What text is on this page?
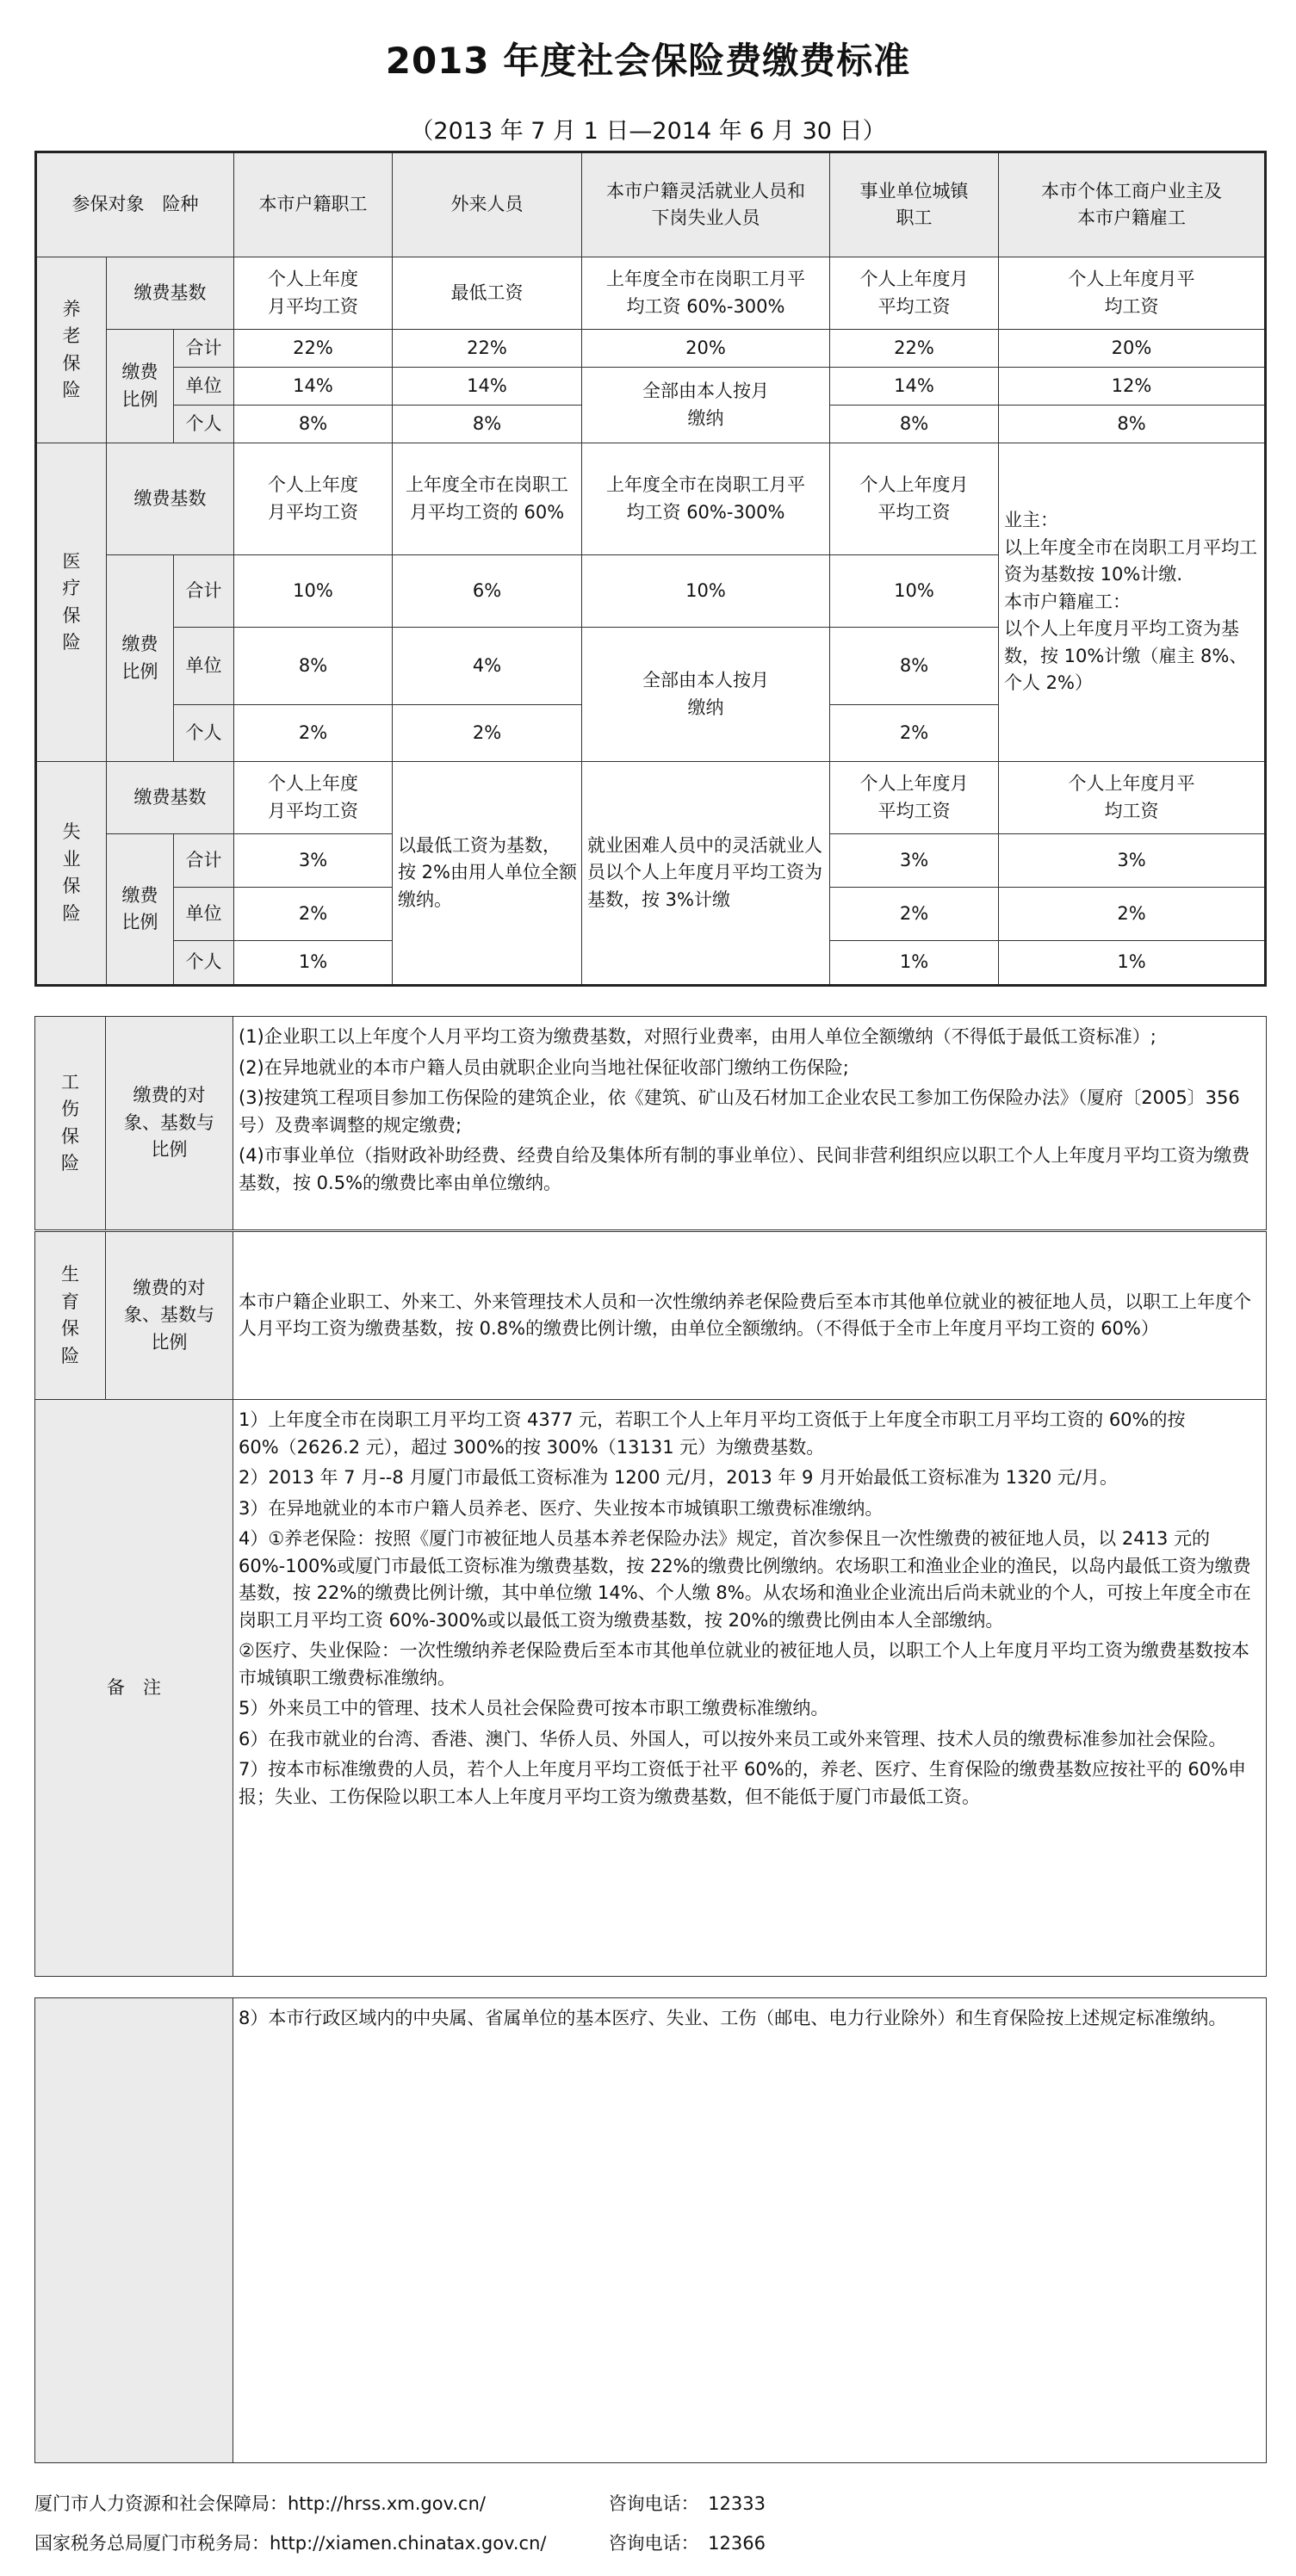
2013 年度社会保险费缴费标准
（2013 年 7 月 1 日—2014 年 6 月 30 日）
参保对象　险种			本市户籍职工	外来人员	本市户籍灵活就业人员和下岗失业人员	事业单位城镇职工	本市个体工商户业主及本市户籍雇工
养老保险	缴费基数		个人上年度月平均工资	最低工资	上年度全市在岗职工月平均工资 60%-300%	个人上年度月平均工资	个人上年度月平均工资
	缴费比例	合计	22%	22%	20%	22%	20%
		单位	14%	14%	全部由本人按月缴纳	14%	12%
		个人	8%	8%		8%	8%
医疗保险	缴费基数		个人上年度月平均工资	上年度全市在岗职工月平均工资的 60%	上年度全市在岗职工月平均工资 60%-300%	个人上年度月平均工资	业主：
以上年度全市在岗职工月平均工资为基数按 10%计缴.
本市户籍雇工：
以个人上年度月平均工资为基数，按 10%计缴（雇主 8%、个人 2%）
	缴费比例	合计	10%	6%	10%	10%	
		单位	8%	4%	全部由本人按月缴纳	8%	
		个人	2%	2%		2%	
失业保险	缴费基数		个人上年度月平均工资	以最低工资为基数，按 2%由用人单位全额缴纳。	就业困难人员中的灵活就业人员以个人上年度月平均工资为基数，按 3%计缴	个人上年度月平均工资	个人上年度月平均工资
	缴费比例	合计	3%			3%	3%
		单位	2%			2%	2%
		个人	1%			1%	1%
工伤保险	缴费的对象、基数与比例	

(1)企业职工以上年度个人月平均工资为缴费基数，对照行业费率，由用人单位全额缴纳（不得低于最低工资标准）;

(2)在异地就业的本市户籍人员由就职企业向当地社保征收部门缴纳工伤保险;

(3)按建筑工程项目参加工伤保险的建筑企业，依《建筑、矿山及石材加工企业农民工参加工伤保险办法》（厦府〔2005〕356 号）及费率调整的规定缴费;

(4)市事业单位（指财政补助经费、经费自给及集体所有制的事业单位）、民间非营利组织应以职工个人上年度月平均工资为缴费基数，按 0.5%的缴费比率由单位缴纳。

生育保险	缴费的对象、基数与比例	本市户籍企业职工、外来工、外来管理技术人员和一次性缴纳养老保险费后至本市其他单位就业的被征地人员，以职工上年度个人月平均工资为缴费基数，按 0.8%的缴费比例计缴，由单位全额缴纳。（不得低于全市上年度月平均工资的 60%）
备　注	

1）上年度全市在岗职工月平均工资 4377 元，若职工个人上年月平均工资低于上年度全市职工月平均工资的 60%的按 60%（2626.2 元），超过 300%的按 300%（13131 元）为缴费基数。

2）2013 年 7 月--8 月厦门市最低工资标准为 1200 元/月，2013 年 9 月开始最低工资标准为 1320 元/月。

3）在异地就业的本市户籍人员养老、医疗、失业按本市城镇职工缴费标准缴纳。

4）①养老保险：按照《厦门市被征地人员基本养老保险办法》规定，首次参保且一次性缴费的被征地人员，以 2413 元的 60%-100%或厦门市最低工资标准为缴费基数，按 22%的缴费比例缴纳。农场职工和渔业企业的渔民，以岛内最低工资为缴费基数，按 22%的缴费比例计缴，其中单位缴 14%、个人缴 8%。从农场和渔业企业流出后尚未就业的个人，可按上年度全市在岗职工月平均工资 60%-300%或以最低工资为缴费基数，按 20%的缴费比例由本人全部缴纳。

②医疗、失业保险：一次性缴纳养老保险费后至本市其他单位就业的被征地人员，以职工个人上年度月平均工资为缴费基数按本市城镇职工缴费标准缴纳。

5）外来员工中的管理、技术人员社会保险费可按本市职工缴费标准缴纳。

6）在我市就业的台湾、香港、澳门、华侨人员、外国人，可以按外来员工或外来管理、技术人员的缴费标准参加社会保险。

7）按本市标准缴费的人员，若个人上年度月平均工资低于社平 60%的，养老、医疗、生育保险的缴费基数应按社平的 60%申报；失业、工伤保险以职工本人上年度月平均工资为缴费基数，但不能低于厦门市最低工资。

	8）本市行政区域内的中央属、省属单位的基本医疗、失业、工伤（邮电、电力行业除外）和生育保险按上述规定标准缴纳。
厦门市人力资源和社会保障局：http://hrss.xm.gov.cn/	咨询电话：　12333
国家税务总局厦门市税务局：http://xiamen.chinatax.gov.cn/	咨询电话：　12366
